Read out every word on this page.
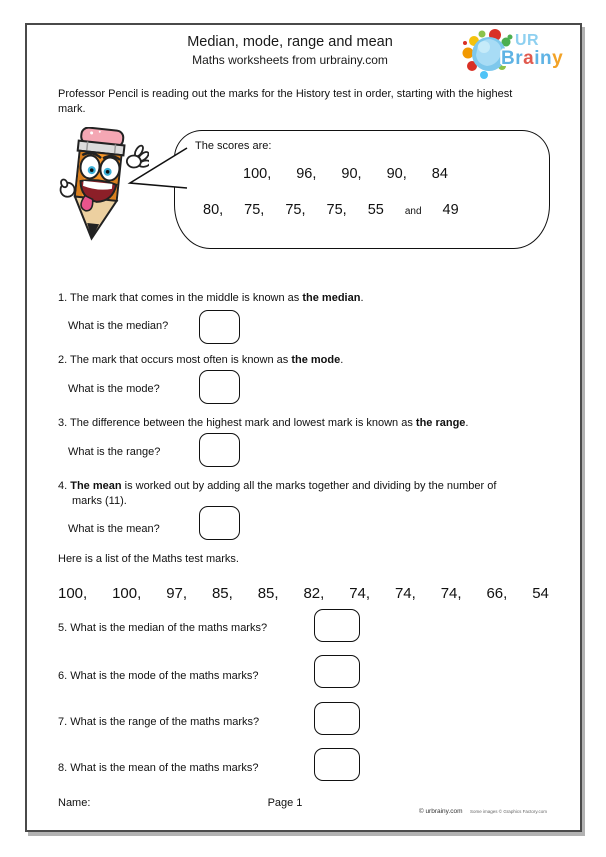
Median, mode, range and mean
Maths worksheets from urbrainy.com
UR
Brainy
Professor Pencil is reading out the marks for the History test in order, starting with the highest mark.
The scores are:
100, 96, 90, 90, 84
80, 75, 75, 75, 55 and 49
1. The mark that comes in the middle is known as the median.
What is the median?
2. The mark that occurs most often is known as the mode.
What is the mode?
3. The difference between the highest mark and lowest mark is known as the range.
What is the range?
4. The mean is worked out by adding all the marks together and dividing by the number of marks (11).
What is the mean?
Here is a list of the Maths test marks.
100, 100, 97, 85, 85, 82, 74, 74, 74, 66, 54
5. What is the median of the maths marks?
6. What is the mode of the maths marks?
7. What is the range of the maths marks?
8. What is the mean of the maths marks?
Name:	Page 1
© urbrainy.com Some images © Graphics Factory.com
